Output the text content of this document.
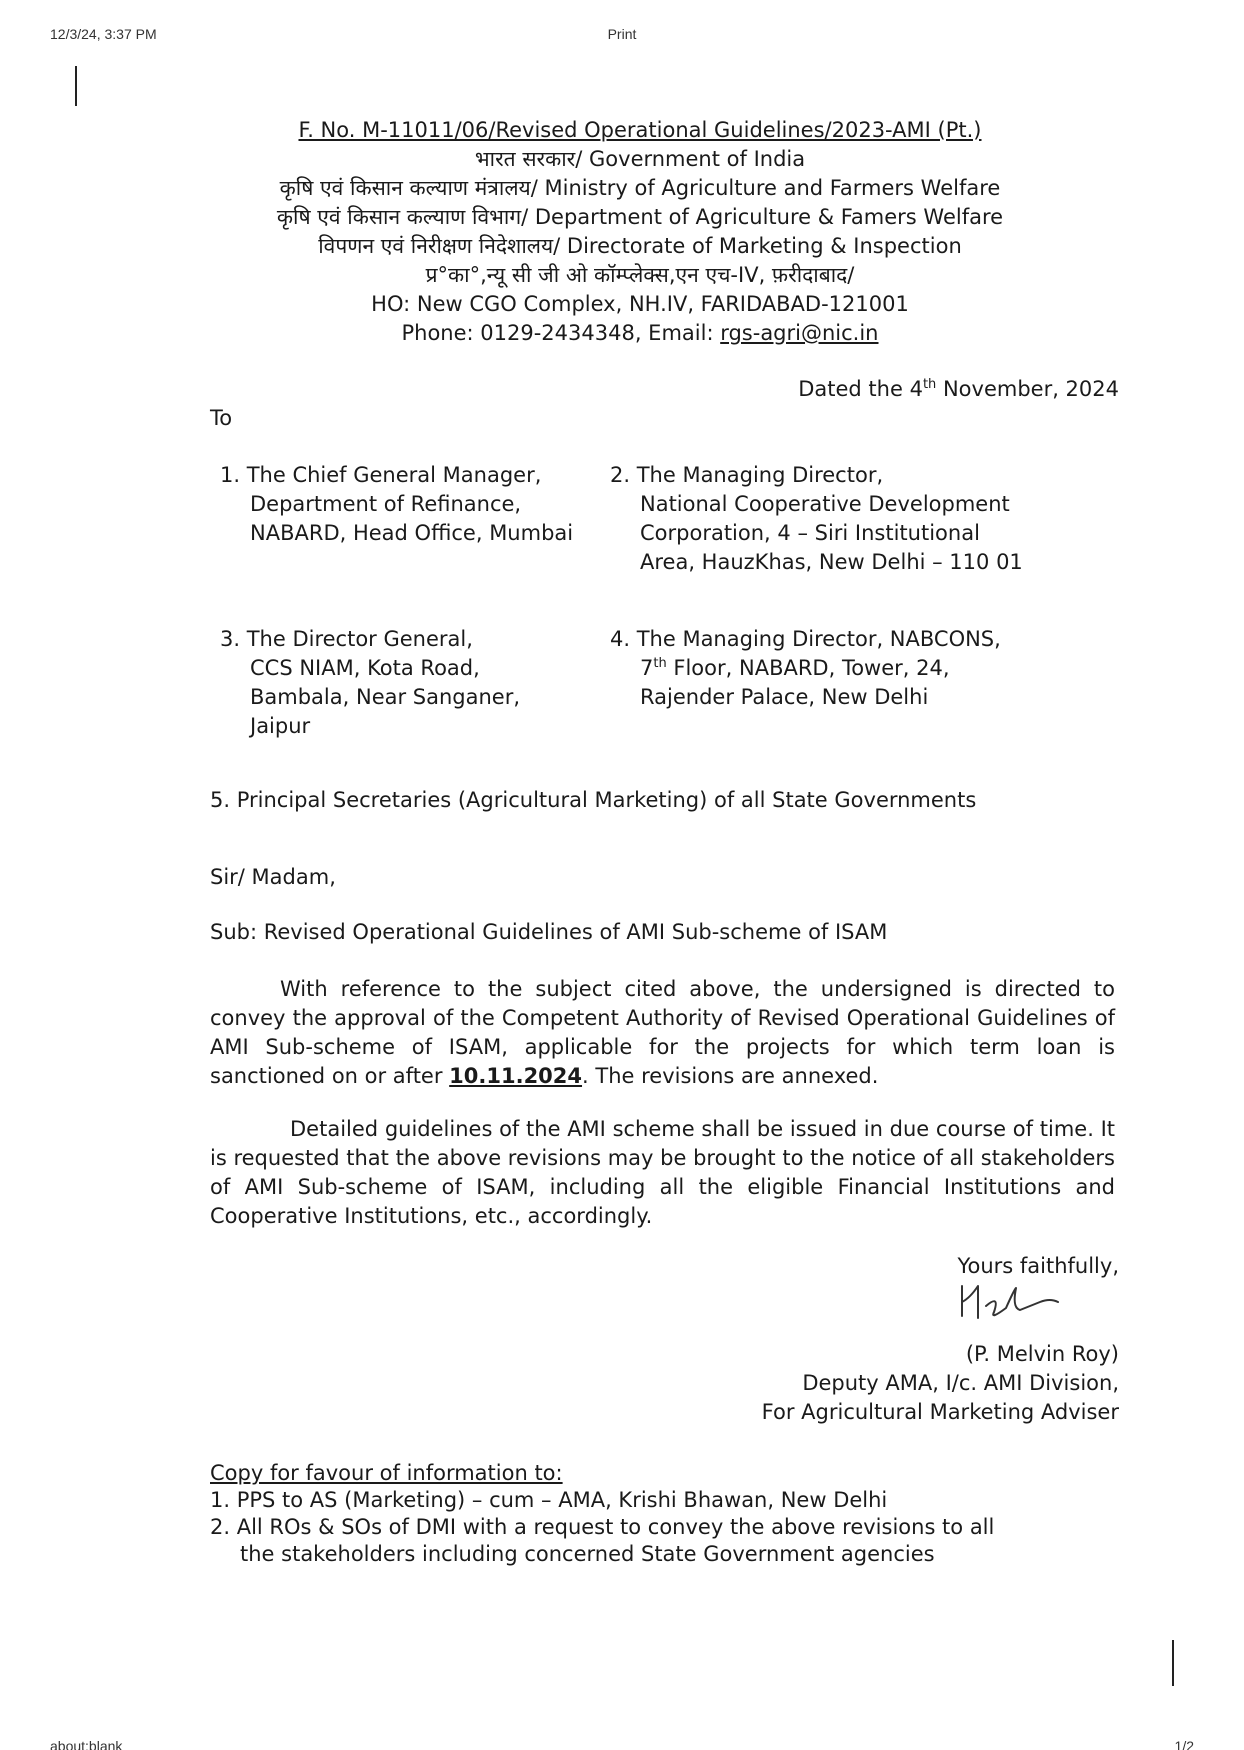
12/3/24, 3:37 PM	Print
about:blank	1/2
F. No. M-11011/06/Revised Operational Guidelines/2023-AMI (Pt.)
भारत सरकार/ Government of India
कृषि एवं किसान कल्याण मंत्रालय/ Ministry of Agriculture and Farmers Welfare
कृषि एवं किसान कल्याण विभाग/ Department of Agriculture & Famers Welfare
विपणन एवं निरीक्षण निदेशालय/ Directorate of Marketing & Inspection
प्र°का°,न्यू सी जी ओ कॉम्प्लेक्स,एन एच-IV, फ़रीदाबाद/
HO: New CGO Complex, NH.IV, FARIDABAD-121001
Phone: 0129-2434348, Email: rgs-agri@nic.in
Dated the 4th November, 2024
To
1. The Chief General Manager,
Department of Refinance,
NABARD, Head Office, Mumbai
2. The Managing Director,
National Cooperative Development
Corporation, 4 – Siri Institutional
Area, HauzKhas, New Delhi – 110 01
3. The Director General,
CCS NIAM, Kota Road,
Bambala, Near Sanganer,
Jaipur
4. The Managing Director, NABCONS,
7th Floor, NABARD, Tower, 24,
Rajender Palace, New Delhi
5. Principal Secretaries (Agricultural Marketing) of all State Governments
Sir/ Madam,
Sub: Revised Operational Guidelines of AMI Sub-scheme of ISAM
With reference to the subject cited above, the undersigned is directed to convey the approval of the Competent Authority of Revised Operational Guidelines of AMI Sub-scheme of ISAM, applicable for the projects for which term loan is sanctioned on or after 10.11.2024. The revisions are annexed.
Detailed guidelines of the AMI scheme shall be issued in due course of time. It is requested that the above revisions may be brought to the notice of all stakeholders of AMI Sub-scheme of ISAM, including all the eligible Financial Institutions and Cooperative Institutions, etc., accordingly.
Yours faithfully,
(P. Melvin Roy)
Deputy AMA, I/c. AMI Division,
For Agricultural Marketing Adviser
Copy for favour of information to:
1. PPS to AS (Marketing) – cum – AMA, Krishi Bhawan, New Delhi
2. All ROs & SOs of DMI with a request to convey the above revisions to all
the stakeholders including concerned State Government agencies
